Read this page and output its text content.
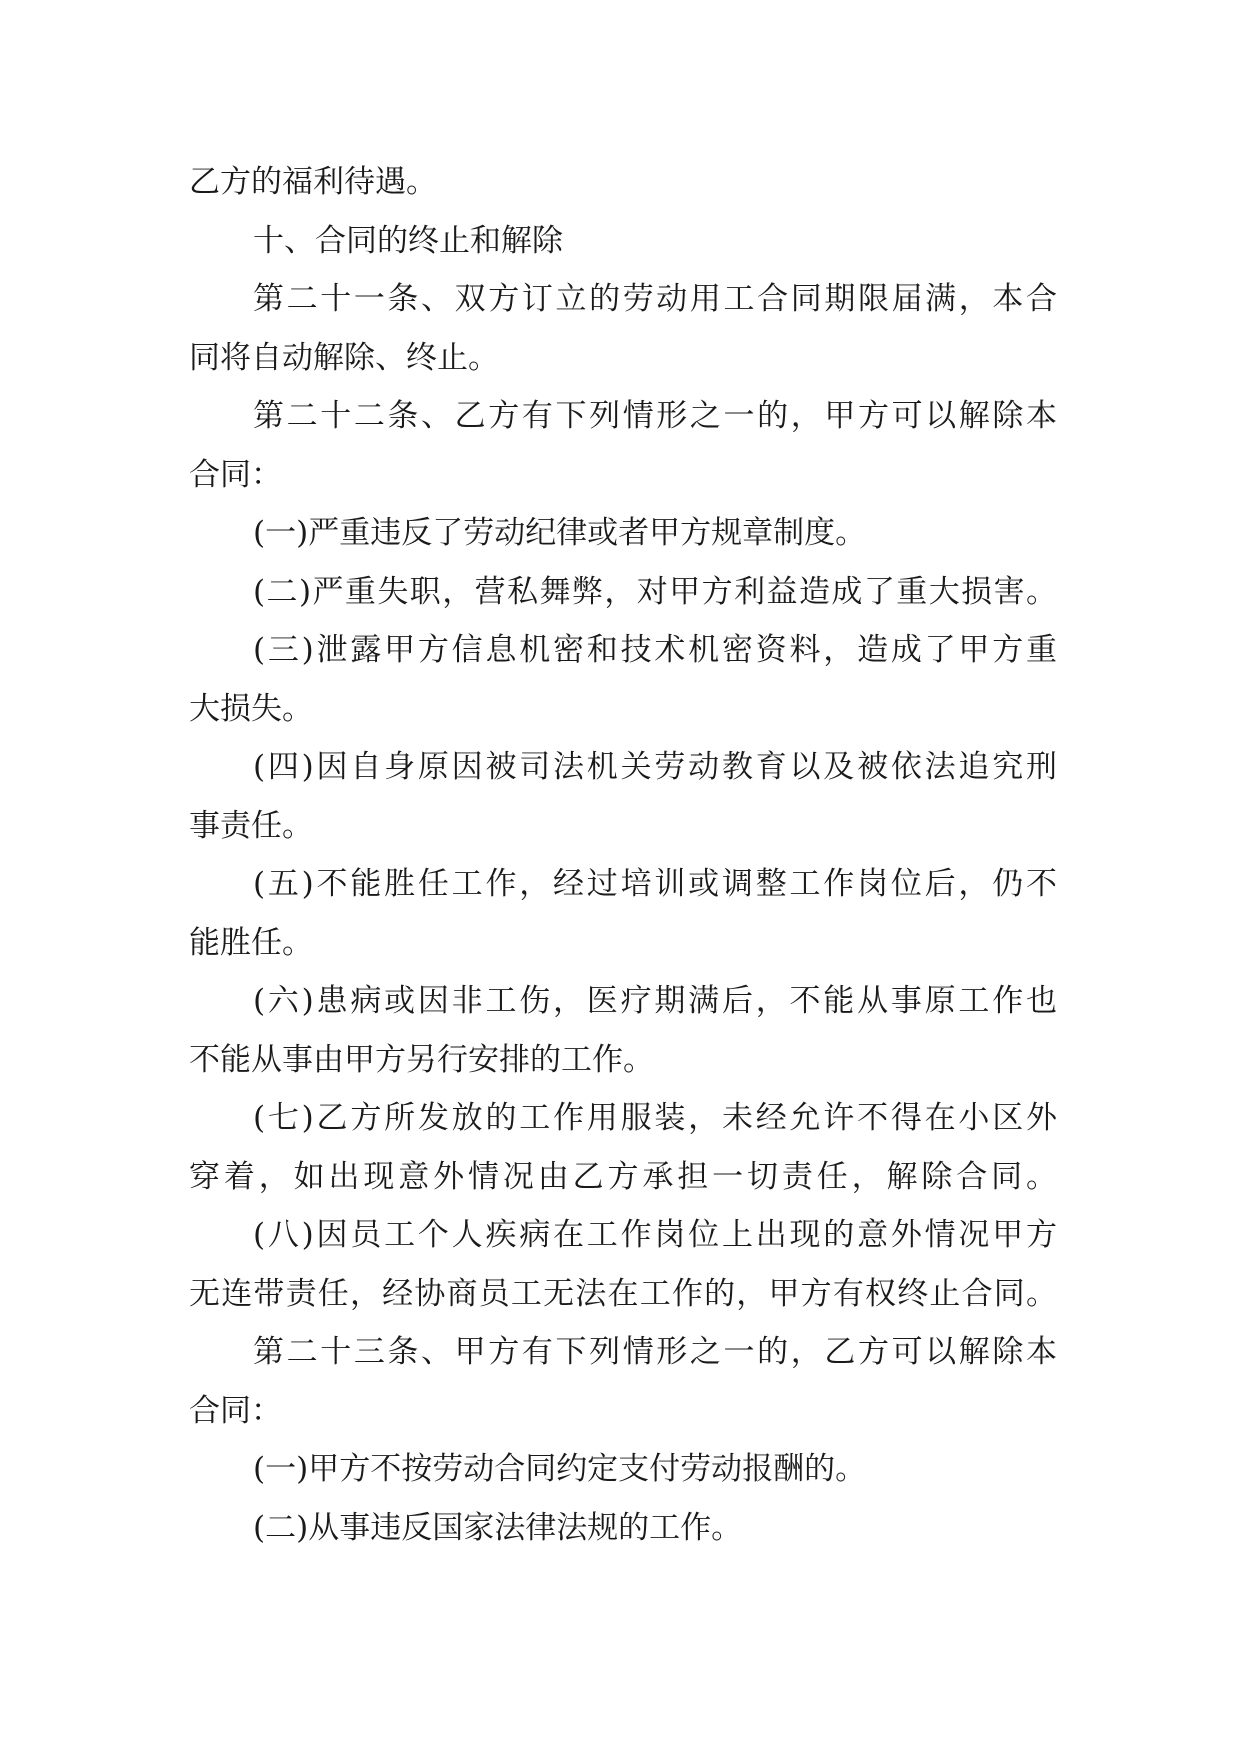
乙方的福利待遇。
十、合同的终止和解除
第二十一条、双方订立的劳动用工合同期限届满，本合
同将自动解除、终止。
第二十二条、乙方有下列情形之一的，甲方可以解除本
合同：
(一)严重违反了劳动纪律或者甲方规章制度。
(二)严重失职，营私舞弊，对甲方利益造成了重大损害。
(三)泄露甲方信息机密和技术机密资料，造成了甲方重
大损失。
(四)因自身原因被司法机关劳动教育以及被依法追究刑
事责任。
(五)不能胜任工作，经过培训或调整工作岗位后，仍不
能胜任。
(六)患病或因非工伤，医疗期满后，不能从事原工作也
不能从事由甲方另行安排的工作。
(七)乙方所发放的工作用服装，未经允许不得在小区外
穿着，如出现意外情况由乙方承担一切责任，解除合同。
(八)因员工个人疾病在工作岗位上出现的意外情况甲方
无连带责任，经协商员工无法在工作的，甲方有权终止合同。
第二十三条、甲方有下列情形之一的，乙方可以解除本
合同：
(一)甲方不按劳动合同约定支付劳动报酬的。
(二)从事违反国家法律法规的工作。
